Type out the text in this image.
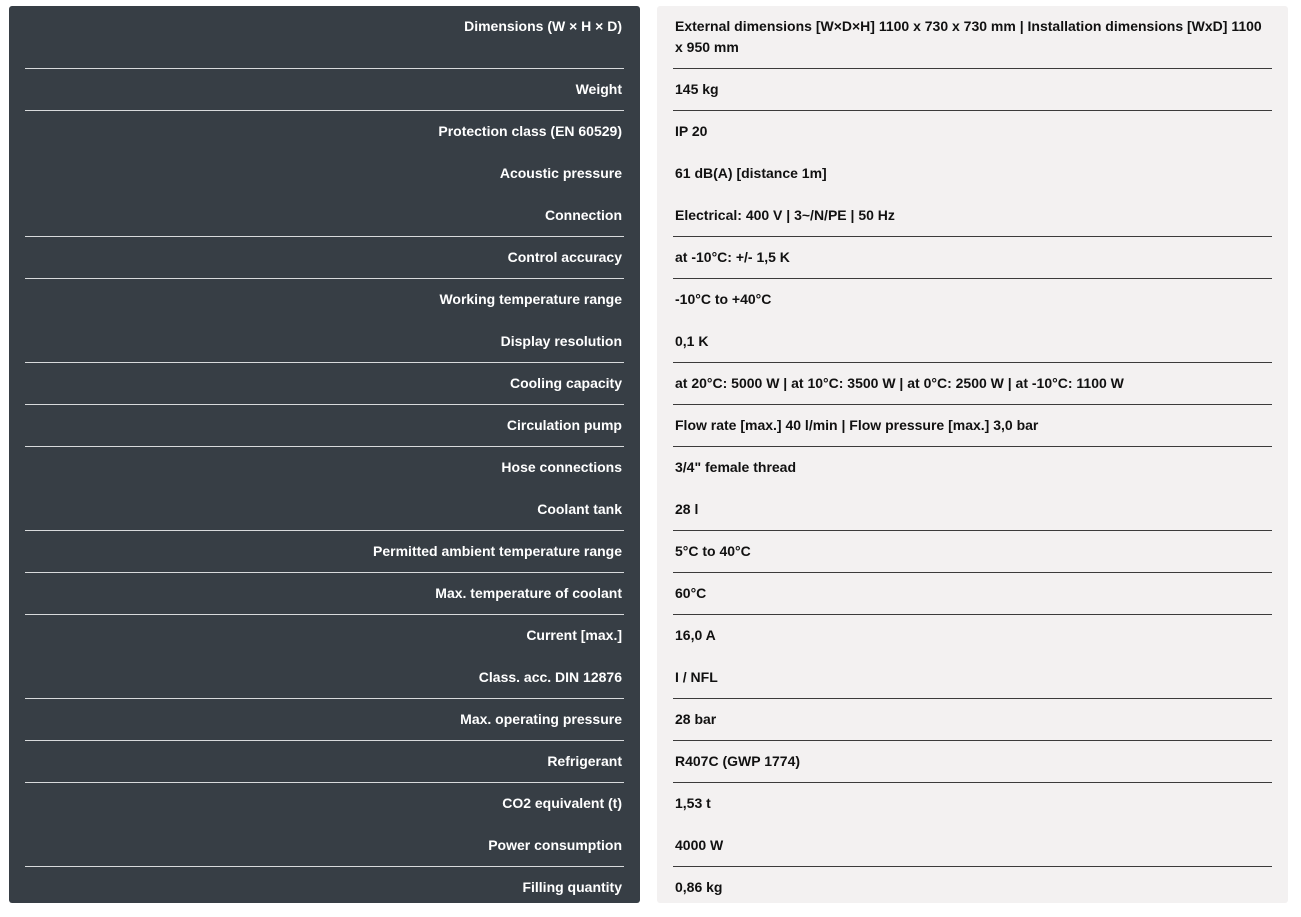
Dimensions (W × H × D)
Weight
Protection class (EN 60529)
Acoustic pressure
Connection
Control accuracy
Working temperature range
Display resolution
Cooling capacity
Circulation pump
Hose connections
Coolant tank
Permitted ambient temperature range
Max. temperature of coolant
Current [max.]
Class. acc. DIN 12876
Max. operating pressure
Refrigerant
CO2 equivalent (t)
Power consumption
Filling quantity
External dimensions [W×D×H] 1100 x 730 x 730 mm | Installation dimensions [WxD] 1100 x 950 mm
145 kg
IP 20
61 dB(A) [distance 1m]
Electrical: 400 V | 3~/N/PE | 50 Hz
at -10°C: +/- 1,5 K
-10°C to +40°C
0,1 K
at 20°C: 5000 W | at 10°C: 3500 W | at 0°C: 2500 W | at -10°C: 1100 W
Flow rate [max.] 40 l/min | Flow pressure [max.] 3,0 bar
3/4" female thread
28 l
5°C to 40°C
60°C
16,0 A
I / NFL
28 bar
R407C (GWP 1774)
1,53 t
4000 W
0,86 kg
